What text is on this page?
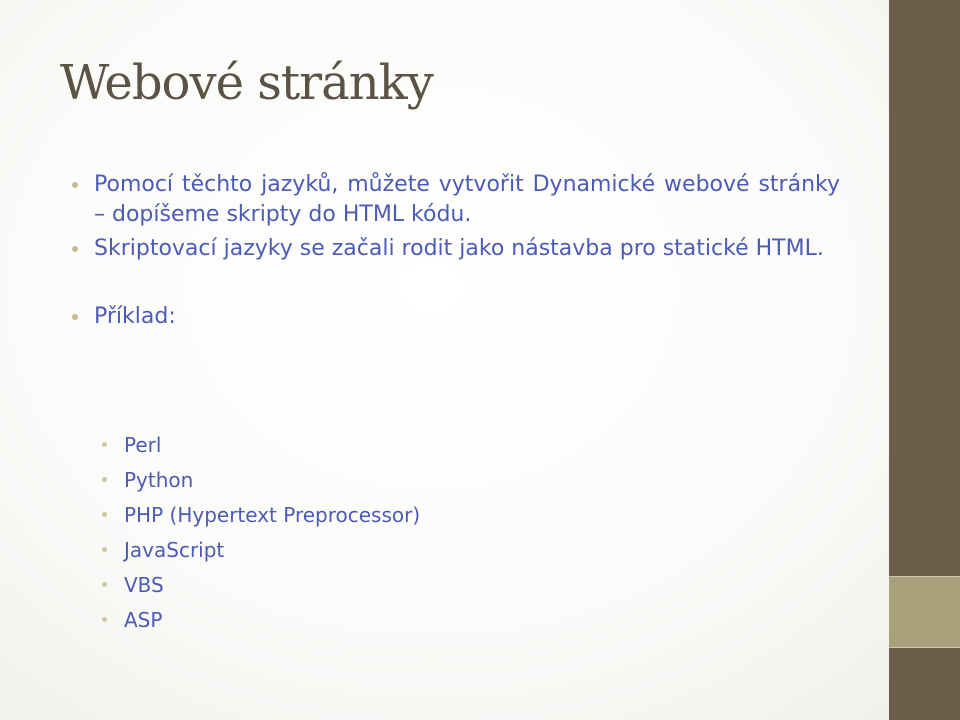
Webové stránky
Pomocí těchto jazyků, můžete vytvořit Dynamické webové stránky – dopíšeme skripty do HTML kódu.
Skriptovací jazyky se začali rodit jako nástavba pro statické HTML.
Příklad:
Perl
Python
PHP (Hypertext Preprocessor)
JavaScript
VBS
ASP
